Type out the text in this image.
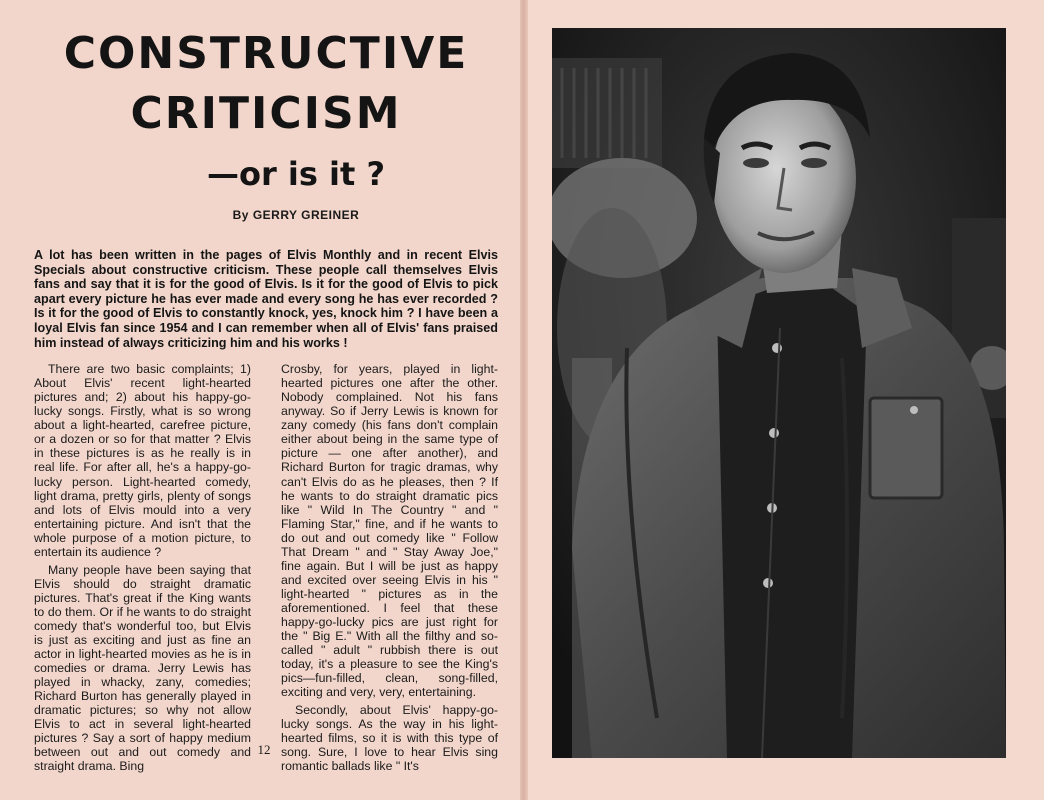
CONSTRUCTIVE
CRITICISM
—or is it ?
By GERRY GREINER

A lot has been written in the pages of Elvis Monthly and in recent Elvis Specials about constructive criticism. These people call themselves Elvis fans and say that it is for the good of Elvis. Is it for the good of Elvis to pick apart every picture he has ever made and every song he has ever recorded ? Is it for the good of Elvis to constantly knock, yes, knock him ? I have been a loyal Elvis fan since 1954 and I can remember when all of Elvis' fans praised him instead of always criticizing him and his works !

There are two basic complaints; 1) About Elvis' recent light-hearted pictures and; 2) about his happy-go-lucky songs. Firstly, what is so wrong about a light-hearted, carefree picture, or a dozen or so for that matter ? Elvis in these pictures is as he really is in real life. For after all, he's a happy-go-lucky person. Light-hearted comedy, light drama, pretty girls, plenty of songs and lots of Elvis mould into a very entertaining picture. And isn't that the whole purpose of a motion picture, to entertain its audience ?

Many people have been saying that Elvis should do straight dramatic pictures. That's great if the King wants to do them. Or if he wants to do straight comedy that's wonderful too, but Elvis is just as exciting and just as fine an actor in light-hearted movies as he is in comedies or drama. Jerry Lewis has played in whacky, zany, comedies; Richard Burton has generally played in dramatic pictures; so why not allow Elvis to act in several light-hearted pictures ? Say a sort of happy medium between out and out comedy and straight drama. Bing

Crosby, for years, played in light-hearted pictures one after the other. Nobody complained. Not his fans anyway. So if Jerry Lewis is known for zany comedy (his fans don't complain either about being in the same type of picture — one after another), and Richard Burton for tragic dramas, why can't Elvis do as he pleases, then ? If he wants to do straight dramatic pics like " Wild In The Country " and " Flaming Star," fine, and if he wants to do out and out comedy like " Follow That Dream " and " Stay Away Joe," fine again. But I will be just as happy and excited over seeing Elvis in his " light-hearted " pictures as in the aforementioned. I feel that these happy-go-lucky pics are just right for the " Big E." With all the filthy and so-called " adult " rubbish there is out today, it's a pleasure to see the King's pics—fun-filled, clean, song-filled, exciting and very, very, entertaining.

Secondly, about Elvis' happy-go-lucky songs. As the way in his light-hearted films, so it is with this type of song. Sure, I love to hear Elvis sing romantic ballads like " It's

12
